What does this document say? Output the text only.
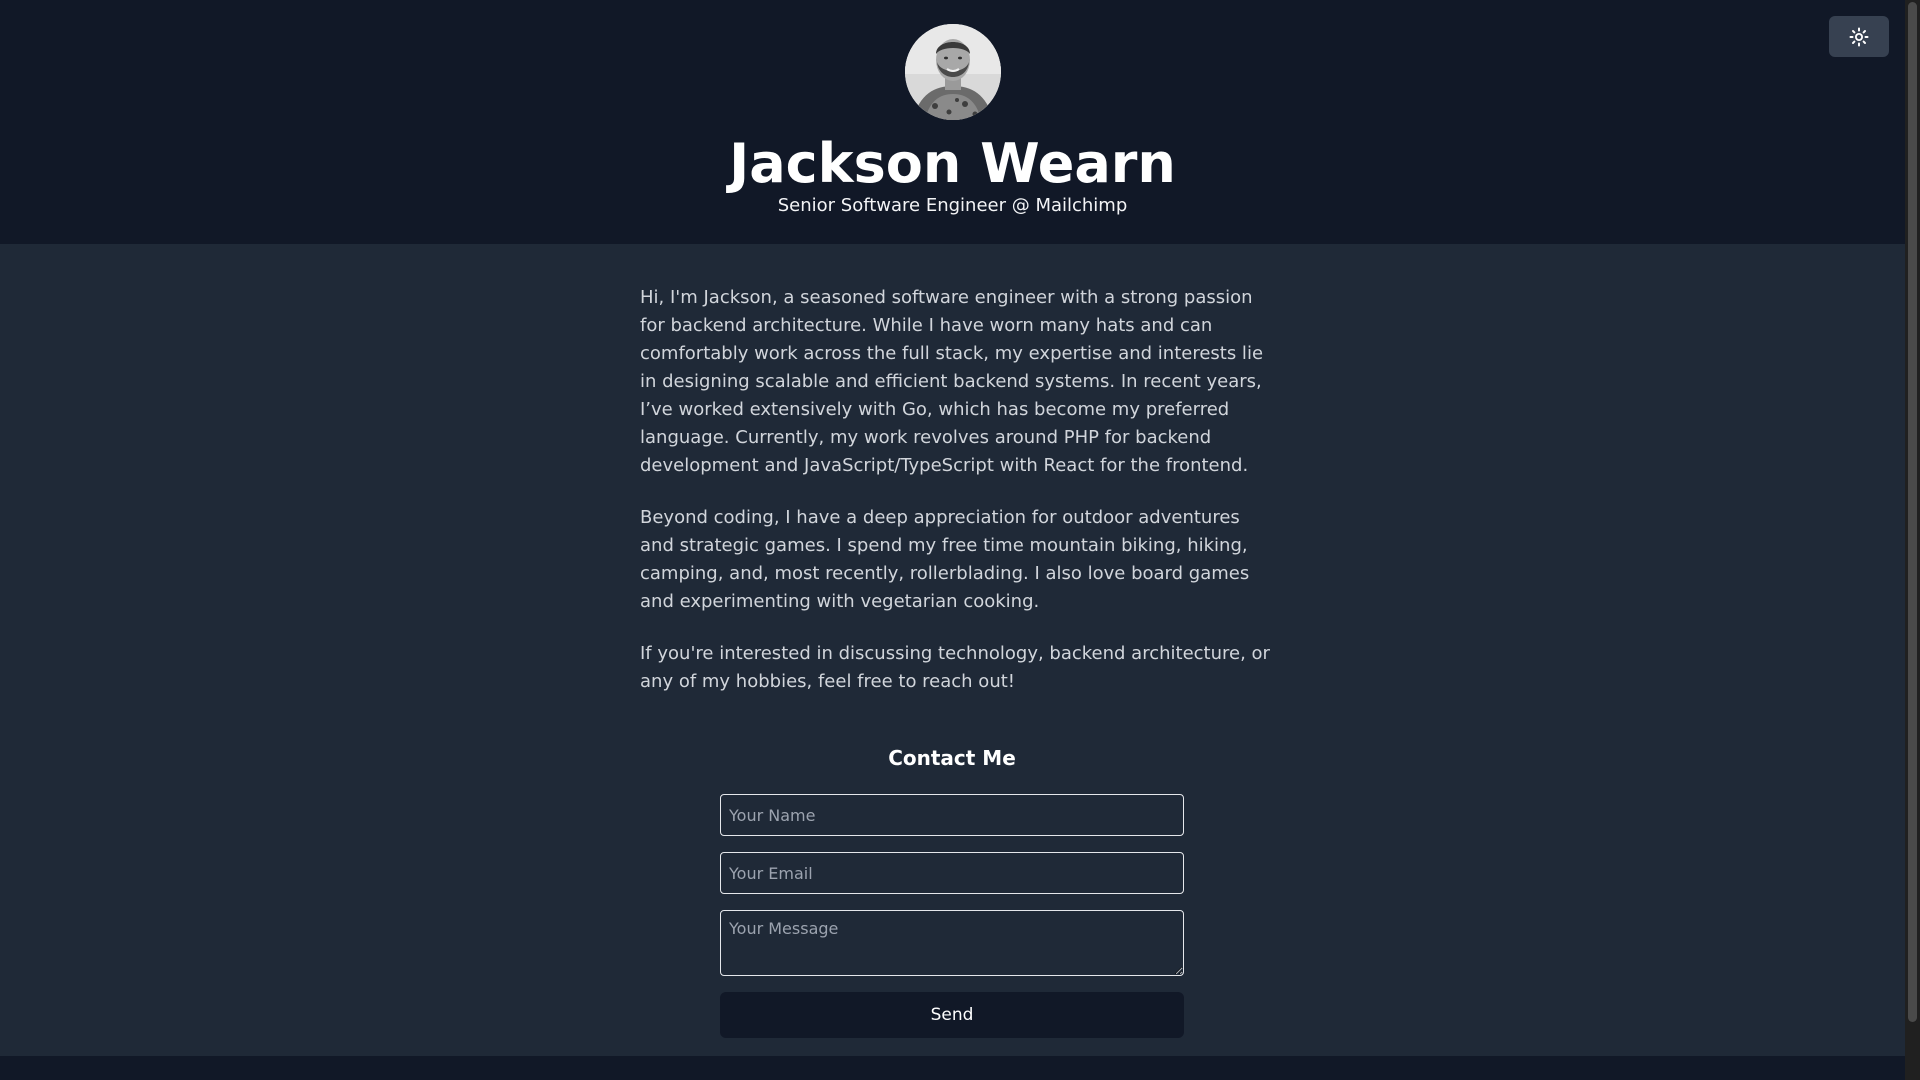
Jackson Wearn

Senior Software Engineer @ Mailchimp

Hi, I'm Jackson, a seasoned software engineer with a strong passion for backend architecture. While I have worn many hats and can comfortably work across the full stack, my expertise and interests lie in designing scalable and efficient backend systems. In recent years, I’ve worked extensively with Go, which has become my preferred language. Currently, my work revolves around PHP for backend development and JavaScript/TypeScript with React for the frontend.

Beyond coding, I have a deep appreciation for outdoor adventures and strategic games. I spend my free time mountain biking, hiking, camping, and, most recently, rollerblading. I also love board games and experimenting with vegetarian cooking.

If you're interested in discussing technology, backend architecture, or any of my hobbies, feel free to reach out!

Contact Me
Your Name
Your Email
Your Message
Send
